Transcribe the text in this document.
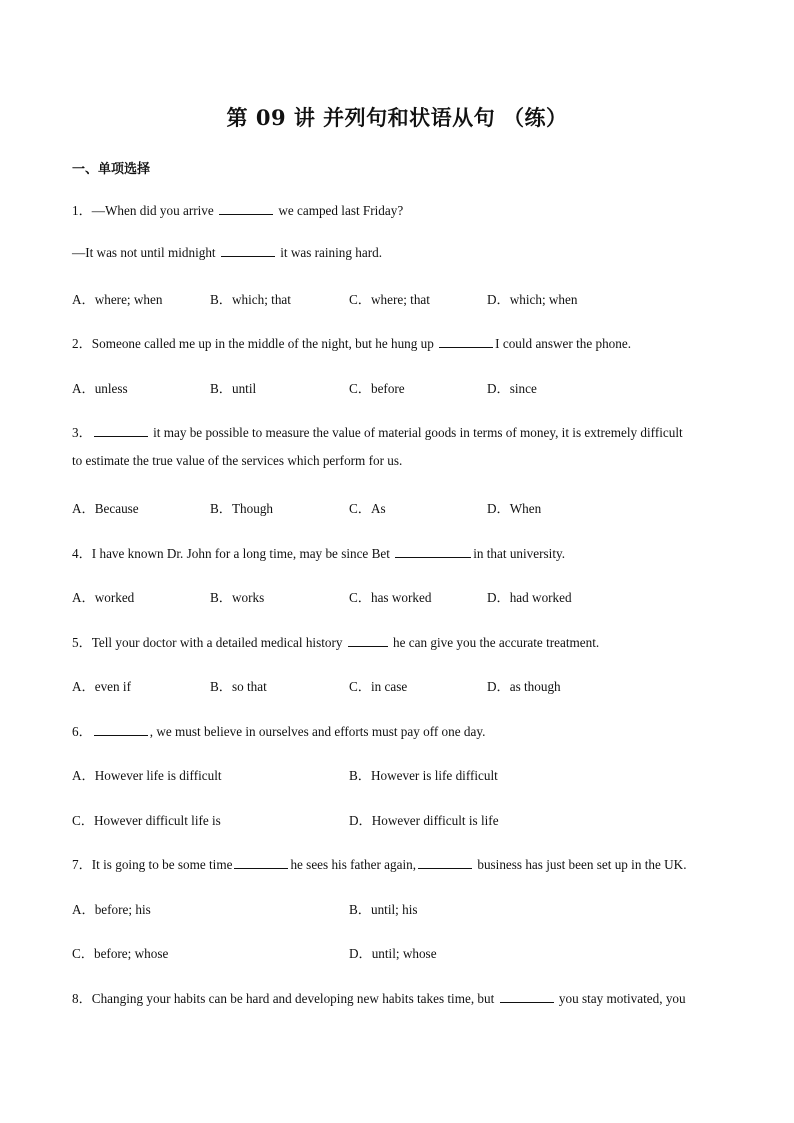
第 09 讲 并列句和状语从句 （练）
一、单项选择
1．—When did you arrive	we camped last Friday?
—It was not until midnight	it was raining hard.
A．where; when	B．which; that	C．where; that	D．which; when
2．Someone called me up in the middle of the night, but he hung up	I could answer the phone.
A．unless	B．until	C．before	D．since
3．	it may be possible to measure the value of material goods in terms of money, it is extremely difficult
to estimate the true value of the services which perform for us.
A．Because	B．Though	C．As	D．When
4．I have known Dr. John for a long time, may be since Bet	in that university.
A．worked	B．works	C．has worked	D．had worked
5．Tell your doctor with a detailed medical history	he can give you the accurate treatment.
A．even if	B．so that	C．in case	D．as though
6．	, we must believe in ourselves and efforts must pay off one day.
A．However life is difficult	B．However is life difficult
C．However difficult life is	D．However difficult is life
7．It is going to be some time	he sees his father again,	business has just been set up in the UK.
A．before; his	B．until; his
C．before; whose	D．until; whose
8．Changing your habits can be hard and developing new habits takes time, but	you stay motivated, you
